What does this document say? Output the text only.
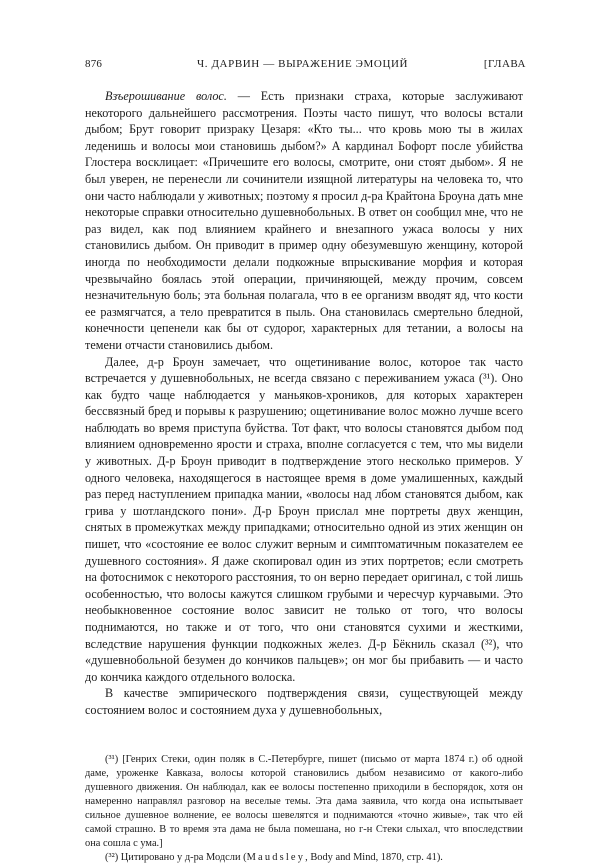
876	Ч. ДАРВИН — ВЫРАЖЕНИЕ ЭМОЦИЙ	[ГЛАВА

Взъерошивание волос. — Есть признаки страха, которые заслуживают некоторого дальнейшего рассмотрения. Поэты часто пишут, что волосы встали дыбом; Брут говорит призраку Цезаря: «Кто ты... что кровь мою ты в жилах леденишь и волосы мои становишь дыбом?» А кардинал Бофорт после убийства Глостера восклицает: «Причешите его волосы, смотрите, они стоят дыбом». Я не был уверен, не перенесли ли сочинители изящной литературы на человека то, что они часто наблюдали у животных; поэтому я просил д-ра Крайтона Броуна дать мне некоторые справки относительно душевнобольных. В ответ он сообщил мне, что не раз видел, как под влиянием крайнего и внезапного ужаса волосы у них становились дыбом. Он приводит в пример одну обезумевшую женщину, которой иногда по необходимости делали подкожные впрыскивание морфия и которая чрезвычайно боялась этой операции, причиняющей, между прочим, совсем незначительную боль; эта больная полагала, что в ее организм вводят яд, что кости ее размягчатся, а тело превратится в пыль. Она становилась смертельно бледной, конечности цепенели как бы от судорог, характерных для тетании, а волосы на темени отчасти становились дыбом.

Далее, д-р Броун замечает, что ощетинивание волос, которое так часто встречается у душевнобольных, не всегда связано с переживанием ужаса (³¹). Оно как будто чаще наблюдается у маньяков-хроников, для которых характерен бессвязный бред и порывы к разрушению; ощетинивание волос можно лучше всего наблюдать во время приступа буйства. Тот факт, что волосы становятся дыбом под влиянием одновременно ярости и страха, вполне согласуется с тем, что мы видели у животных. Д-р Броун приводит в подтверждение этого несколько примеров. У одного человека, находящегося в настоящее время в доме умалишенных, каждый раз перед наступлением припадка мании, «волосы над лбом становятся дыбом, как грива у шотландского пони». Д-р Броун прислал мне портреты двух женщин, снятых в промежутках между припадками; относительно одной из этих женщин он пишет, что «состояние ее волос служит верным и симптоматичным показателем ее душевного состояния». Я даже скопировал один из этих портретов; если смотреть на фотоснимок с некоторого расстояния, то он верно передает оригинал, с той лишь особенностью, что волосы кажутся слишком грубыми и чересчур курчавыми. Это необыкновенное состояние волос зависит не только от того, что волосы поднимаются, но также и от того, что они становятся сухими и жесткими, вследствие нарушения функции подкожных желез. Д-р Бёкниль сказал (³²), что «душевнобольной безумен до кончиков пальцев»; он мог бы прибавить — и часто до кончика каждого отдельного волоска.

В качестве эмпирического подтверждения связи, существующей между состоянием волос и состоянием духа у душевнобольных,

(³¹) [Генрих Стеки, один поляк в С.-Петербурге, пишет (письмо от марта 1874 г.) об одной даме, уроженке Кавказа, волосы которой становились дыбом независимо от какого-либо душевного движения. Он наблюдал, как ее волосы постепенно приходили в беспорядок, хотя он намеренно направлял разговор на веселые темы. Эта дама заявила, что когда она испытывает сильное душевное волнение, ее волосы шевелятся и поднимаются «точно живые», так что ей самой страшно. В то время эта дама не была помешана, но г-н Стеки слыхал, что впоследствии она сошла с ума.]

(³²) Цитировано у д-ра Модсли (Maudsley, Body and Mind, 1870, стр. 41).
